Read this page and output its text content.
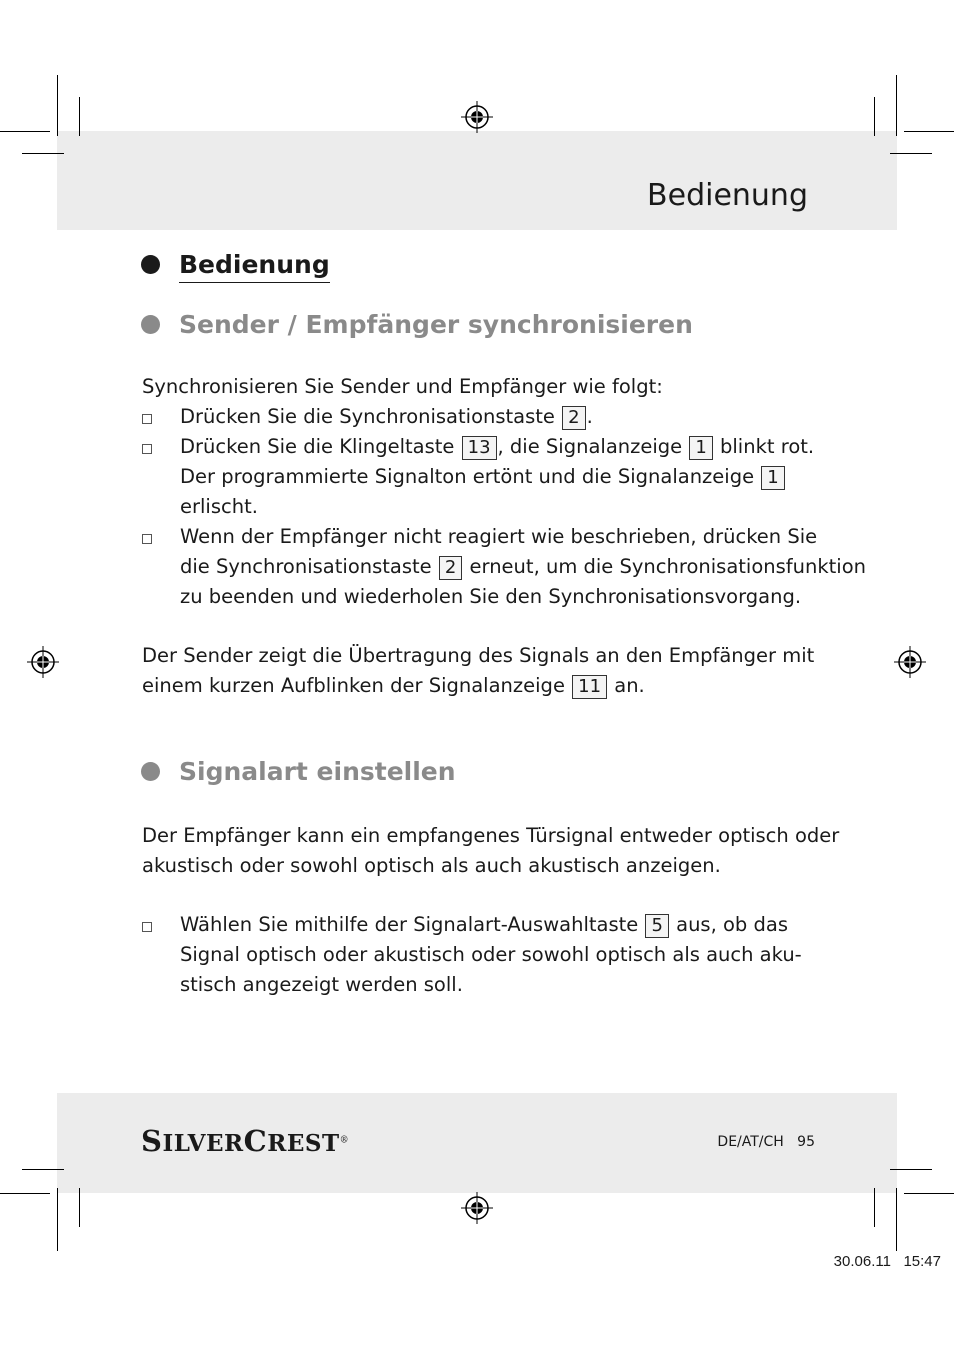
Bedienung
Bedienung
Sender / Empfänger synchronisieren
Synchronisieren Sie Sender und Empfänger wie folgt:
Drücken Sie die Synchronisationstaste 2 .
Drücken Sie die Klingeltaste 13 , die Signalanzeige 1 blinkt rot.
Der programmierte Signalton ertönt und die Signalanzeige 1
erlischt.
Wenn der Empfänger nicht reagiert wie beschrieben, drücken Sie
die Synchronisationstaste 2 erneut, um die Synchronisationsfunktion
zu beenden und wiederholen Sie den Synchronisationsvorgang.
Der Sender zeigt die Übertragung des Signals an den Empfänger mit
einem kurzen Aufblinken der Signalanzeige 11 an.
Signalart einstellen
Der Empfänger kann ein empfangenes Türsignal entweder optisch oder
akustisch oder sowohl optisch als auch akustisch anzeigen.
Wählen Sie mithilfe der Signalart-Auswahltaste 5 aus, ob das
Signal optisch oder akustisch oder sowohl optisch als auch aku-
stisch angezeigt werden soll.
SILVERCREST®	DE/AT/CH   95
30.06.11   15:47
